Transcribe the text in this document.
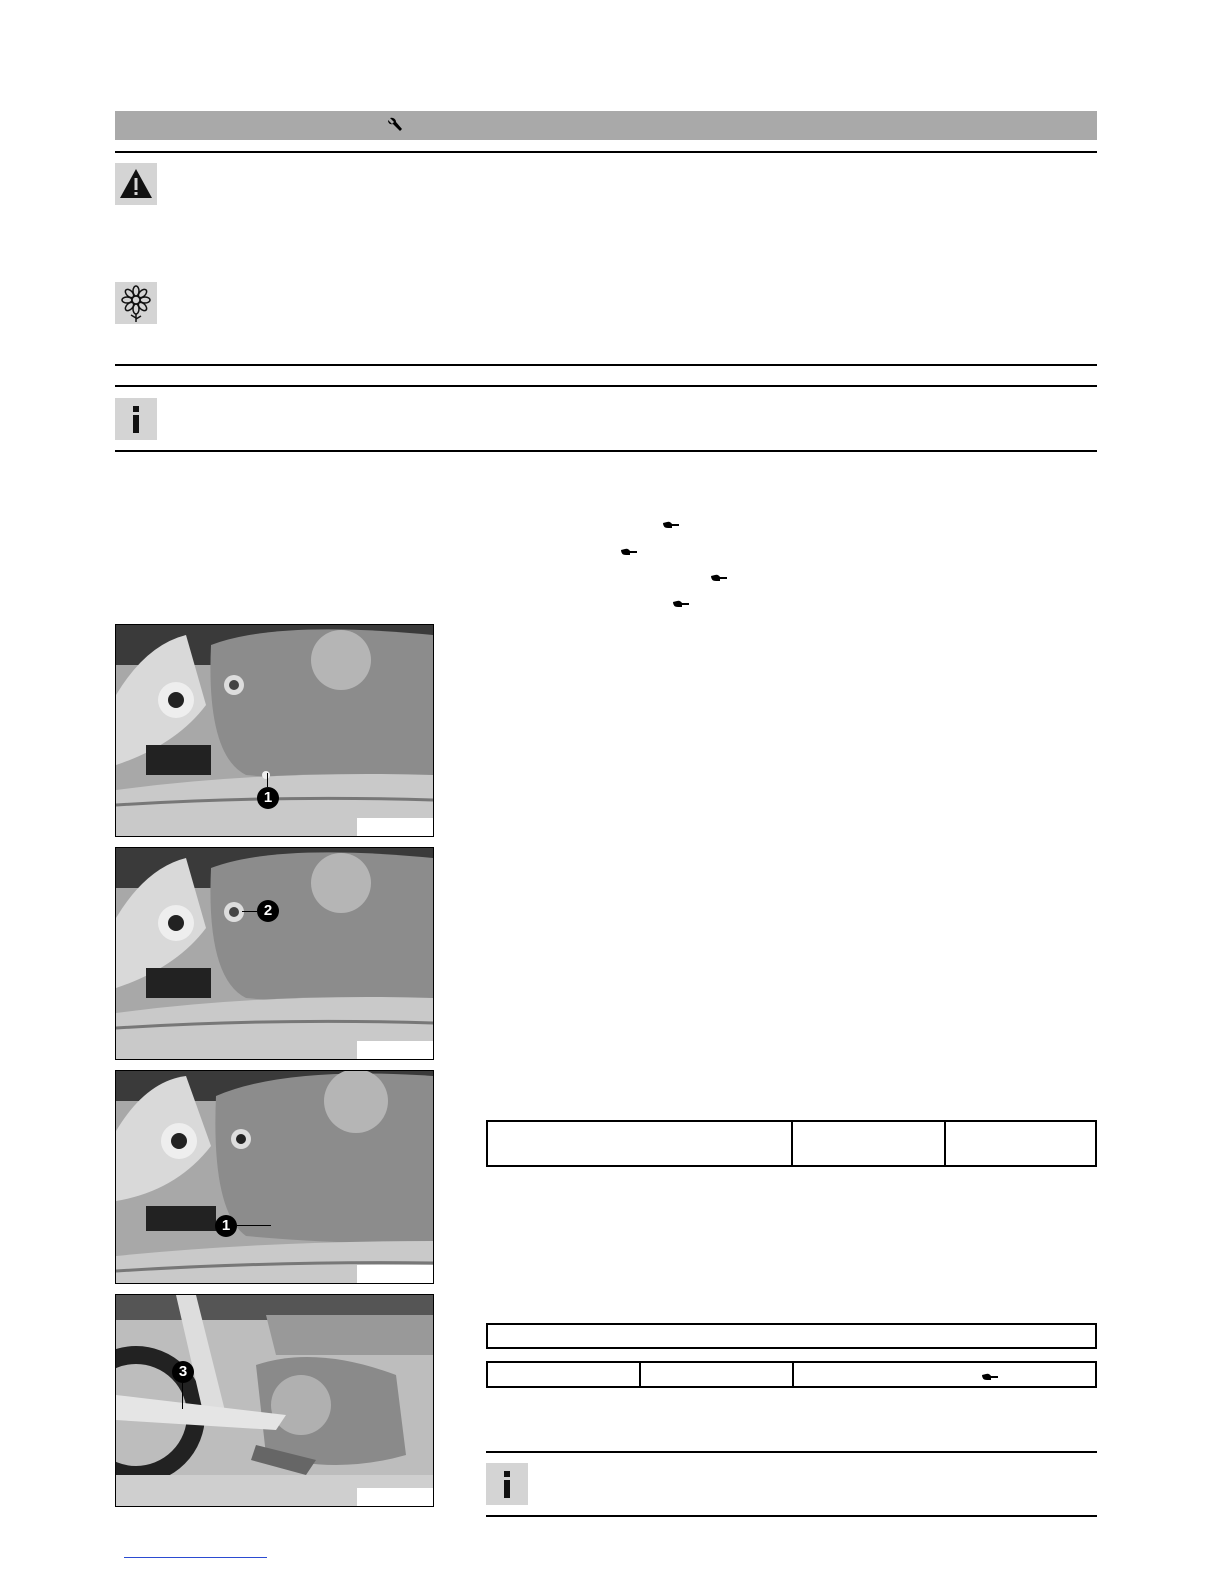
1
2
1
3
